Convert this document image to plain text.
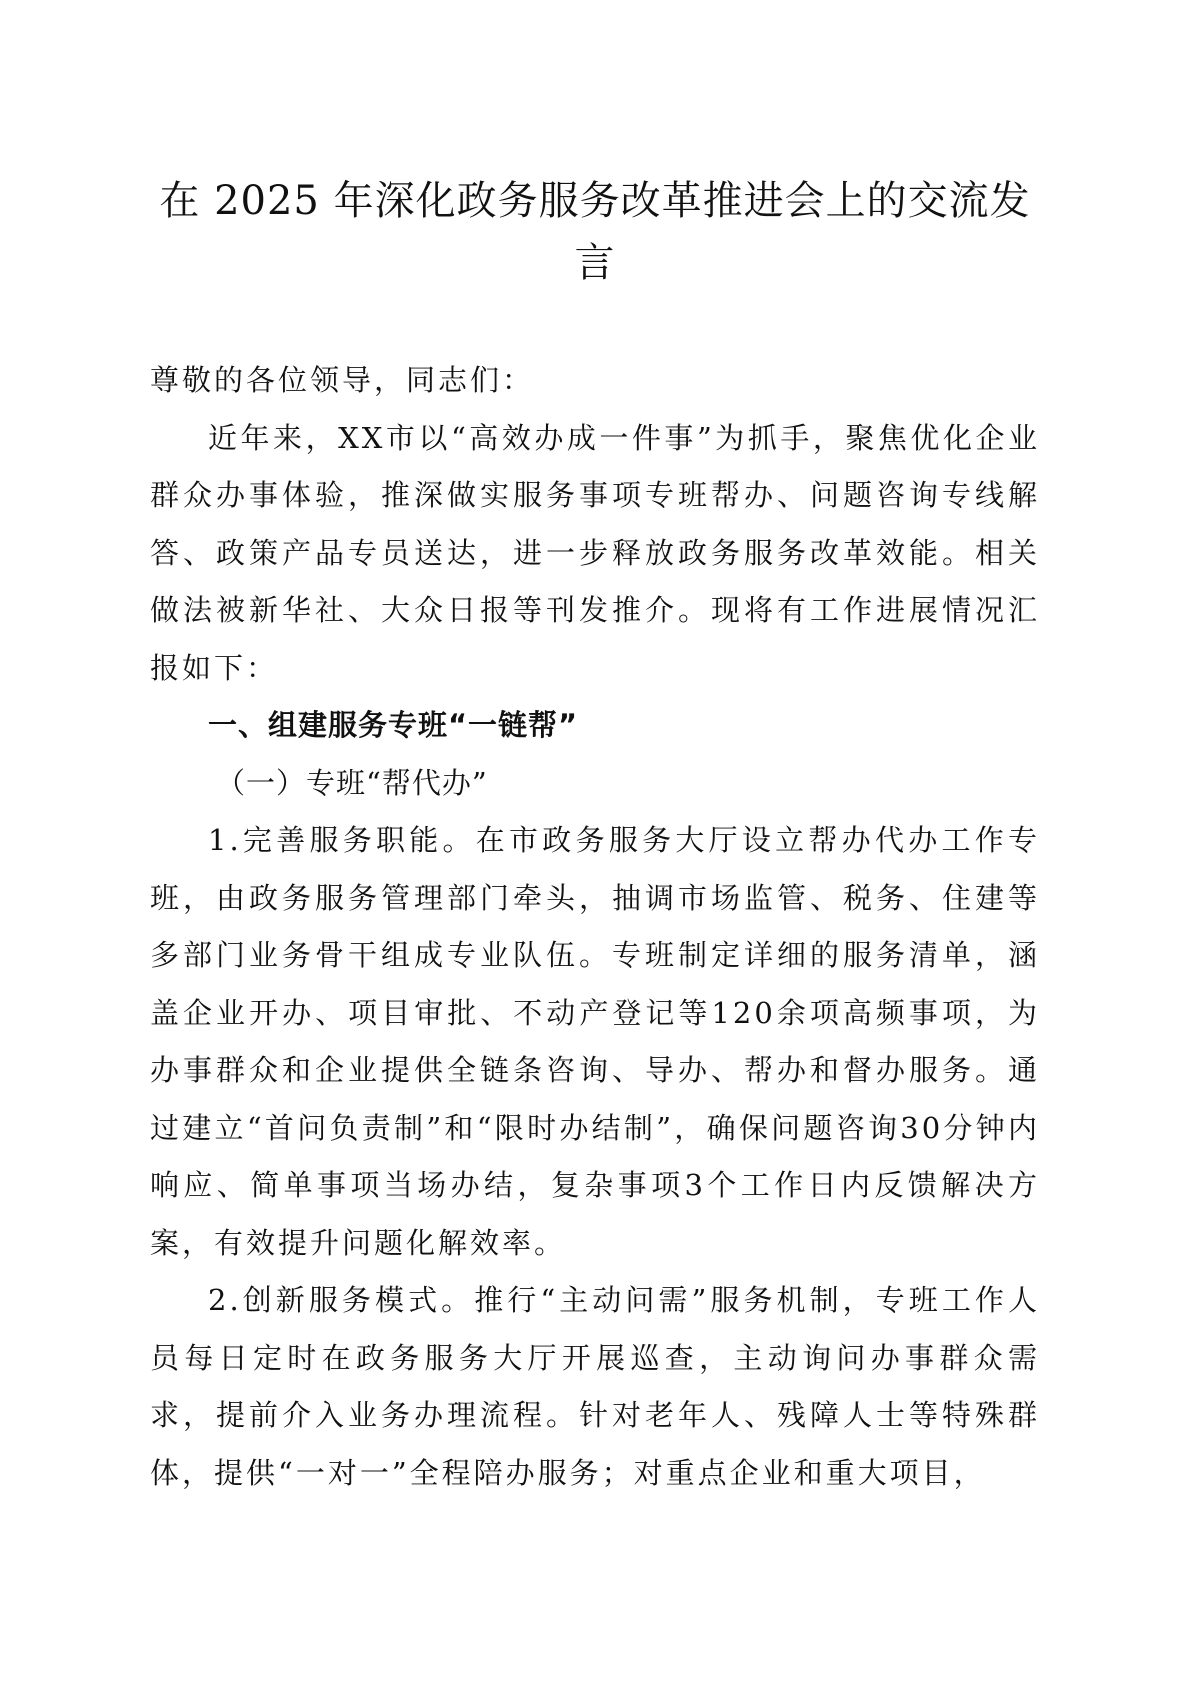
在 2025 年深化政务服务改革推进会上的交流发言

尊敬的各位领导，同志们：

近年来，XX市以“高效办成一件事”为抓手，聚焦优化企业群众办事体验，推深做实服务事项专班帮办、问题咨询专线解答、政策产品专员送达，进一步释放政务服务改革效能。相关做法被新华社、大众日报等刊发推介。现将有工作进展情况汇报如下：

一、组建服务专班“一链帮”

（一）专班“帮代办”

1.完善服务职能。在市政务服务大厅设立帮办代办工作专班，由政务服务管理部门牵头，抽调市场监管、税务、住建等多部门业务骨干组成专业队伍。专班制定详细的服务清单，涵盖企业开办、项目审批、不动产登记等120余项高频事项，为办事群众和企业提供全链条咨询、导办、帮办和督办服务。通过建立“首问负责制”和“限时办结制”，确保问题咨询30分钟内响应、简单事项当场办结，复杂事项3个工作日内反馈解决方案，有效提升问题化解效率。

2.创新服务模式。推行“主动问需”服务机制，专班工作人员每日定时在政务服务大厅开展巡查，主动询问办事群众需求，提前介入业务办理流程。针对老年人、残障人士等特殊群体，提供“一对一”全程陪办服务；对重点企业和重大项目，
